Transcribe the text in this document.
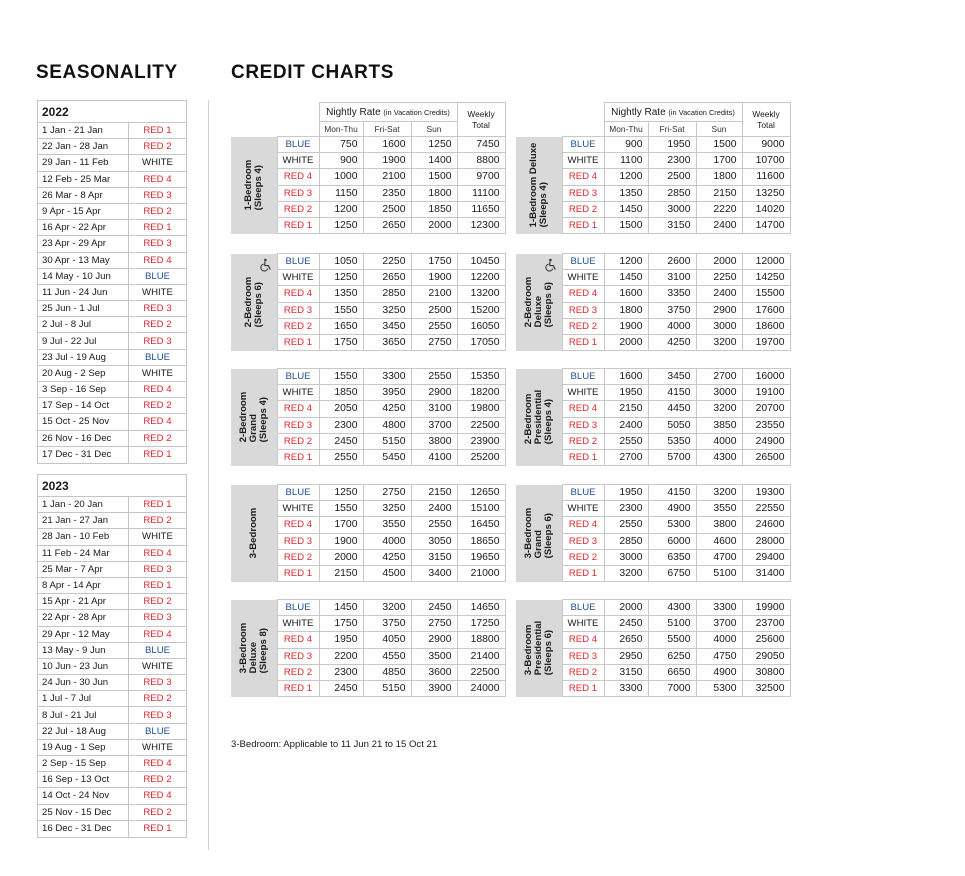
SEASONALITY	CREDIT CHARTS
2022
1 Jan - 21 Jan	RED 1
22 Jan - 28 Jan	RED 2
29 Jan - 11 Feb	WHITE
12 Feb - 25 Mar	RED 4
26 Mar - 8 Apr	RED 3
9 Apr - 15 Apr	RED 2
16 Apr - 22 Apr	RED 1
23 Apr - 29 Apr	RED 3
30 Apr - 13 May	RED 4
14 May - 10 Jun	BLUE
11 Jun - 24 Jun	WHITE
25 Jun - 1 Jul	RED 3
2 Jul - 8 Jul	RED 2
9 Jul - 22 Jul	RED 3
23 Jul - 19 Aug	BLUE
20 Aug - 2 Sep	WHITE
3 Sep - 16 Sep	RED 4
17 Sep - 14 Oct	RED 2
15 Oct - 25 Nov	RED 4
26 Nov - 16 Dec	RED 2
17 Dec - 31 Dec	RED 1
2023
1 Jan - 20 Jan	RED 1
21 Jan - 27 Jan	RED 2
28 Jan - 10 Feb	WHITE
11 Feb - 24 Mar	RED 4
25 Mar - 7 Apr	RED 3
8 Apr - 14 Apr	RED 1
15 Apr - 21 Apr	RED 2
22 Apr - 28 Apr	RED 3
29 Apr - 12 May	RED 4
13 May - 9 Jun	BLUE
10 Jun - 23 Jun	WHITE
24 Jun - 30 Jun	RED 3
1 Jul - 7 Jul	RED 2
8 Jul - 21 Jul	RED 3
22 Jul - 18 Aug	BLUE
19 Aug - 1 Sep	WHITE
2 Sep - 15 Sep	RED 4
16 Sep - 13 Oct	RED 2
14 Oct - 24 Nov	RED 4
25 Nov - 15 Dec	RED 2
16 Dec - 31 Dec	RED 1
		Nightly Rate (in Vacation Credits)			Weekly
Total

		Mon-Thu	Fri-Sat	Sun	

1-Bedroom
(Sleeps 4)	BLUE	750	1600	1250	7450
	WHITE	900	1900	1400	8800
	RED 4	1000	2100	1500	9700
	RED 3	1150	2350	1800	11100
	RED 2	1200	2500	1850	11650
	RED 1	1250	2650	2000	12300
		Nightly Rate (in Vacation Credits)			Weekly
Total

		Mon-Thu	Fri-Sat	Sun	

1-Bedroom Deluxe
(Sleeps 4)	BLUE	900	1950	1500	9000
	WHITE	1100	2300	1700	10700
	RED 4	1200	2500	1800	11600
	RED 3	1350	2850	2150	13250
	RED 2	1450	3000	2220	14020
	RED 1	1500	3150	2400	14700
2-Bedroom
(Sleeps 6)	BLUE	1050	2250	1750	10450
	WHITE	1250	2650	1900	12200
	RED 4	1350	2850	2100	13200
	RED 3	1550	3250	2500	15200
	RED 2	1650	3450	2550	16050
	RED 1	1750	3650	2750	17050
2-Bedroom
Deluxe
(Sleeps 6)	BLUE	1200	2600	2000	12000
	WHITE	1450	3100	2250	14250
	RED 4	1600	3350	2400	15500
	RED 3	1800	3750	2900	17600
	RED 2	1900	4000	3000	18600
	RED 1	2000	4250	3200	19700
2-Bedroom
Grand
(Sleeps 4)	BLUE	1550	3300	2550	15350
	WHITE	1850	3950	2900	18200
	RED 4	2050	4250	3100	19800
	RED 3	2300	4800	3700	22500
	RED 2	2450	5150	3800	23900
	RED 1	2550	5450	4100	25200
2-Bedroom
Presidential
(Sleeps 4)	BLUE	1600	3450	2700	16000
	WHITE	1950	4150	3000	19100
	RED 4	2150	4450	3200	20700
	RED 3	2400	5050	3850	23550
	RED 2	2550	5350	4000	24900
	RED 1	2700	5700	4300	26500
3-Bedroom	BLUE	1250	2750	2150	12650
	WHITE	1550	3250	2400	15100
	RED 4	1700	3550	2550	16450
	RED 3	1900	4000	3050	18650
	RED 2	2000	4250	3150	19650
	RED 1	2150	4500	3400	21000
3-Bedroom
Grand
(Sleeps 6)	BLUE	1950	4150	3200	19300
	WHITE	2300	4900	3550	22550
	RED 4	2550	5300	3800	24600
	RED 3	2850	6000	4600	28000
	RED 2	3000	6350	4700	29400
	RED 1	3200	6750	5100	31400
3-Bedroom
Deluxe
(Sleeps 8)	BLUE	1450	3200	2450	14650
	WHITE	1750	3750	2750	17250
	RED 4	1950	4050	2900	18800
	RED 3	2200	4550	3500	21400
	RED 2	2300	4850	3600	22500
	RED 1	2450	5150	3900	24000
3-Bedroom
Presidential
(Sleeps 6)	BLUE	2000	4300	3300	19900
	WHITE	2450	5100	3700	23700
	RED 4	2650	5500	4000	25600
	RED 3	2950	6250	4750	29050
	RED 2	3150	6650	4900	30800
	RED 1	3300	7000	5300	32500
3-Bedroom: Applicable to 11 Jun 21 to 15 Oct 21
